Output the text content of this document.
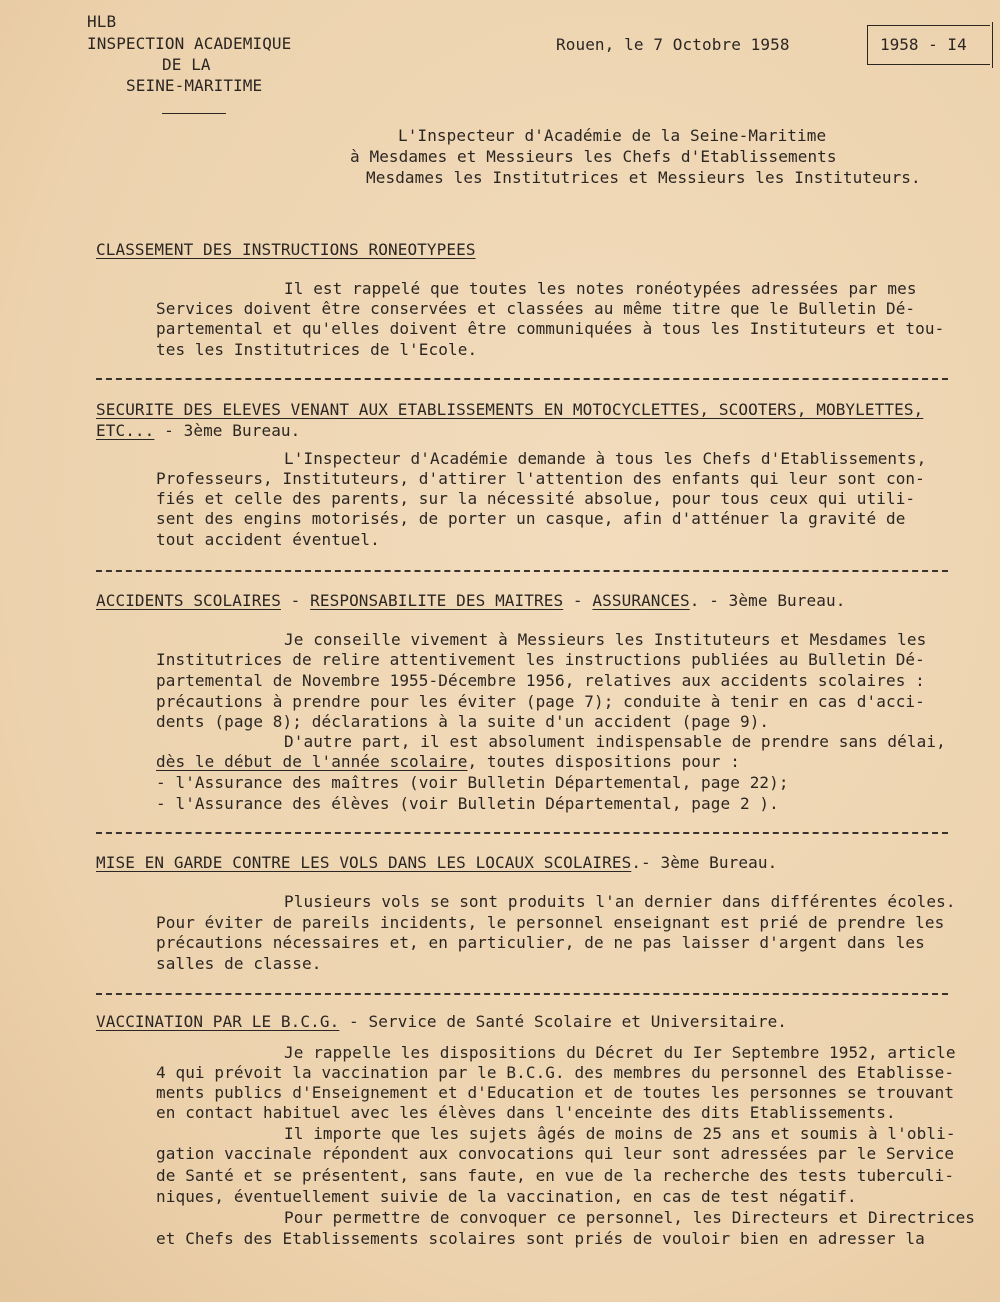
HLB
INSPECTION ACADEMIQUE
DE LA
SEINE-MARITIME
Rouen, le 7 Octobre 1958	1958 - I4
L'Inspecteur d'Académie de la Seine-Maritime
à Mesdames et Messieurs les Chefs d'Etablissements
Mesdames les Institutrices et Messieurs les Instituteurs.
CLASSEMENT DES INSTRUCTIONS RONEOTYPEES
Il est rappelé que toutes les notes ronéotypées adressées par mes
Services doivent être conservées et classées au même titre que le Bulletin Dé-
partemental et qu'elles doivent être communiquées à tous les Instituteurs et tou-
tes les Institutrices de l'Ecole.
SECURITE DES ELEVES VENANT AUX ETABLISSEMENTS EN MOTOCYCLETTES, SCOOTERS, MOBYLETTES,
ETC... - 3ème Bureau.
L'Inspecteur d'Académie demande à tous les Chefs d'Etablissements,
Professeurs, Instituteurs, d'attirer l'attention des enfants qui leur sont con-
fiés et celle des parents, sur la nécessité absolue, pour tous ceux qui utili-
sent des engins motorisés, de porter un casque, afin d'atténuer la gravité de
tout accident éventuel.
ACCIDENTS SCOLAIRES - RESPONSABILITE DES MAITRES - ASSURANCES. - 3ème Bureau.
Je conseille vivement à Messieurs les Instituteurs et Mesdames les
Institutrices de relire attentivement les instructions publiées au Bulletin Dé-
partemental de Novembre 1955-Décembre 1956, relatives aux accidents scolaires :
précautions à prendre pour les éviter (page 7); conduite à tenir en cas d'acci-
dents (page 8); déclarations à la suite d'un accident (page 9).
D'autre part, il est absolument indispensable de prendre sans délai,
dès le début de l'année scolaire, toutes dispositions pour :
- l'Assurance des maîtres (voir Bulletin Départemental, page 22);
- l'Assurance des élèves (voir Bulletin Départemental, page 2 ).
MISE EN GARDE CONTRE LES VOLS DANS LES LOCAUX SCOLAIRES.- 3ème Bureau.
Plusieurs vols se sont produits l'an dernier dans différentes écoles.
Pour éviter de pareils incidents, le personnel enseignant est prié de prendre les
précautions nécessaires et, en particulier, de ne pas laisser d'argent dans les
salles de classe.
VACCINATION PAR LE B.C.G. - Service de Santé Scolaire et Universitaire.
Je rappelle les dispositions du Décret du Ier Septembre 1952, article
4 qui prévoit la vaccination par le B.C.G. des membres du personnel des Etablisse-
ments publics d'Enseignement et d'Education et de toutes les personnes se trouvant
en contact habituel avec les élèves dans l'enceinte des dits Etablissements.
Il importe que les sujets âgés de moins de 25 ans et soumis à l'obli-
gation vaccinale répondent aux convocations qui leur sont adressées par le Service
de Santé et se présentent, sans faute, en vue de la recherche des tests tuberculi-
niques, éventuellement suivie de la vaccination, en cas de test négatif.
Pour permettre de convoquer ce personnel, les Directeurs et Directrices
et Chefs des Etablissements scolaires sont priés de vouloir bien en adresser la
